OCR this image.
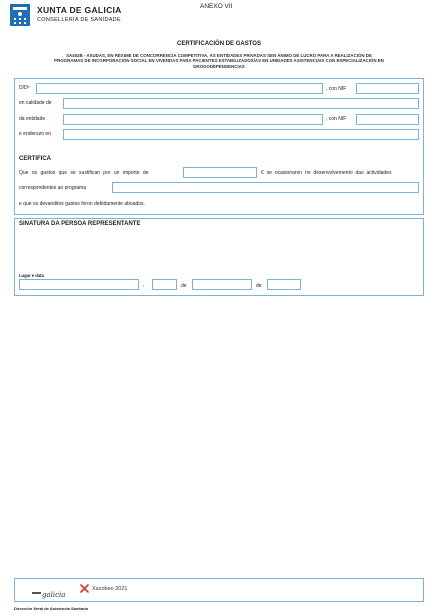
XUNTA DE GALICIA
CONSELLERÍA DE SANIDADE
ANEXO VII
CERTIFICACIÓN DE GASTOS
SA462B - AXUDAS, EN RÉXIME DE CONCORRENCIA COMPETITIVA, ÁS ENTIDADES PRIVADAS SEN ÁNIMO DE LUCRO PARA A REALIZACIÓN DE
PROGRAMAS DE INCORPORACIÓN SOCIAL EN VIVENDAS PARA PACIENTES ESTABILIZADOS/AS EN UNIDADES ASISTENCIAIS CON ESPECIALIZACIÓN EN
DROGODEPENDENCIAS
D/Dª	, con NIF
en calidade de
da entidade	, con NIF
e enderezo en
CERTIFICA
Que os gastos que se xustifican por un importe de	€ se ocasionaron no desenvolvemento das actividades
correspondentes ao programa
e que os devanditos gastos foron debidamente aboados.
SINATURA DA PERSOA REPRESENTANTE
Lugar e data
,	de	de
galicia
Xacobeo 2021
Dirección Xeral de Asistencia Sanitaria
